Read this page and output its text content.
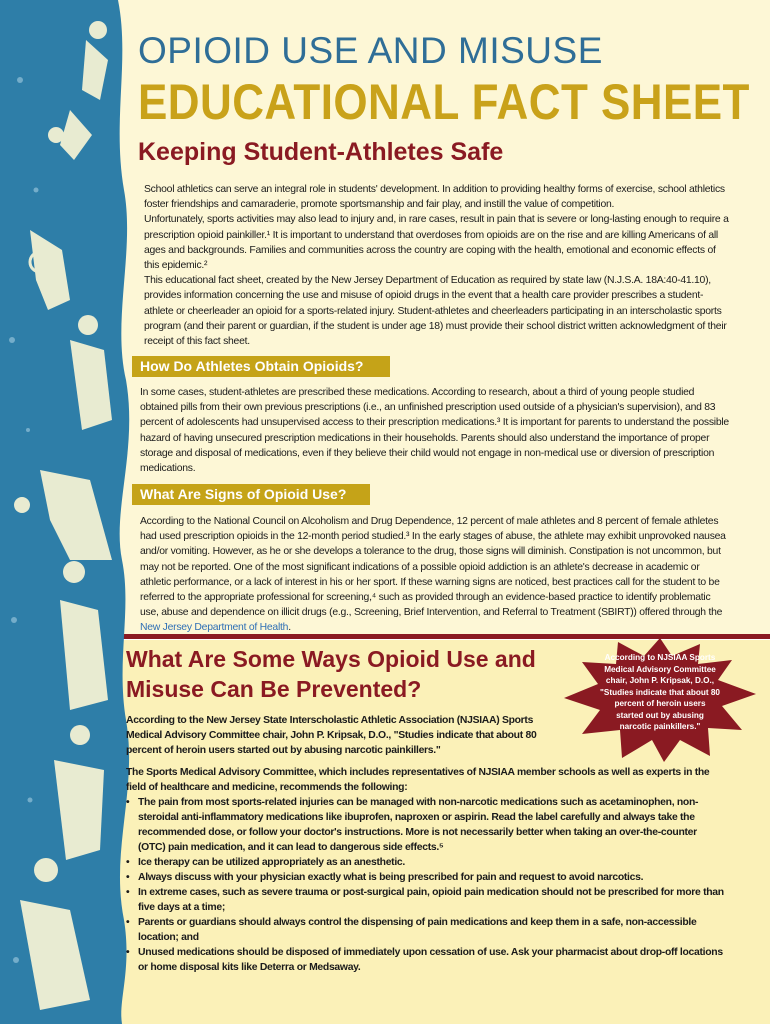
OPIOID USE AND MISUSE
EDUCATIONAL FACT SHEET
Keeping Student-Athletes Safe

School athletics can serve an integral role in students' development. In addition to providing healthy forms of exercise, school athletics foster friendships and camaraderie, promote sportsmanship and fair play, and instill the value of competition.

Unfortunately, sports activities may also lead to injury and, in rare cases, result in pain that is severe or long-lasting enough to require a prescription opioid painkiller.¹ It is important to understand that overdoses from opioids are on the rise and are killing Americans of all ages and backgrounds. Families and communities across the country are coping with the health, emotional and economic effects of this epidemic.²

This educational fact sheet, created by the New Jersey Department of Education as required by state law (N.J.S.A. 18A:40-41.10), provides information concerning the use and misuse of opioid drugs in the event that a health care provider prescribes a student-athlete or cheerleader an opioid for a sports-related injury. Student-athletes and cheerleaders participating in an interscholastic sports program (and their parent or guardian, if the student is under age 18) must provide their school district written acknowledgment of their receipt of this fact sheet.

How Do Athletes Obtain Opioids?
In some cases, student-athletes are prescribed these medications. According to research, about a third of young people studied obtained pills from their own previous prescriptions (i.e., an unfinished prescription used outside of a physician's supervision), and 83 percent of adolescents had unsupervised access to their prescription medications.³ It is important for parents to understand the possible hazard of having unsecured prescription medications in their households. Parents should also understand the importance of proper storage and disposal of medications, even if they believe their child would not engage in non-medical use or diversion of prescription medications.
What Are Signs of Opioid Use?
According to the National Council on Alcoholism and Drug Dependence, 12 percent of male athletes and 8 percent of female athletes had used prescription opioids in the 12-month period studied.³ In the early stages of abuse, the athlete may exhibit unprovoked nausea and/or vomiting. However, as he or she develops a tolerance to the drug, those signs will diminish. Constipation is not uncommon, but may not be reported. One of the most significant indications of a possible opioid addiction is an athlete's decrease in academic or athletic performance, or a lack of interest in his or her sport. If these warning signs are noticed, best practices call for the student to be referred to the appropriate professional for screening,⁴ such as provided through an evidence-based practice to identify problematic use, abuse and dependence on illicit drugs (e.g., Screening, Brief Intervention, and Referral to Treatment (SBIRT)) offered through the New Jersey Department of Health.
What Are Some Ways Opioid Use and Misuse Can Be Prevented?
According to the New Jersey State Interscholastic Athletic Association (NJSIAA) Sports Medical Advisory Committee chair, John P. Kripsak, D.O., "Studies indicate that about 80 percent of heroin users started out by abusing narcotic painkillers."

The Sports Medical Advisory Committee, which includes representatives of NJSIAA member schools as well as experts in the field of healthcare and medicine, recommends the following:

• The pain from most sports-related injuries can be managed with non-narcotic medications such as acetaminophen, non-steroidal anti-inflammatory medications like ibuprofen, naproxen or aspirin. Read the label carefully and always take the recommended dose, or follow your doctor's instructions. More is not necessarily better when taking an over-the-counter (OTC) pain medication, and it can lead to dangerous side effects.⁵
• Ice therapy can be utilized appropriately as an anesthetic.
• Always discuss with your physician exactly what is being prescribed for pain and request to avoid narcotics.
• In extreme cases, such as severe trauma or post-surgical pain, opioid pain medication should not be prescribed for more than five days at a time;
• Parents or guardians should always control the dispensing of pain medications and keep them in a safe, non-accessible location; and
• Unused medications should be disposed of immediately upon cessation of use. Ask your pharmacist about drop-off locations or home disposal kits like Deterra or Medsaway.
According to NJSIAA Sports Medical Advisory Committee chair, John P. Kripsak, D.O., "Studies indicate that about 80 percent of heroin users started out by abusing narcotic painkillers."
